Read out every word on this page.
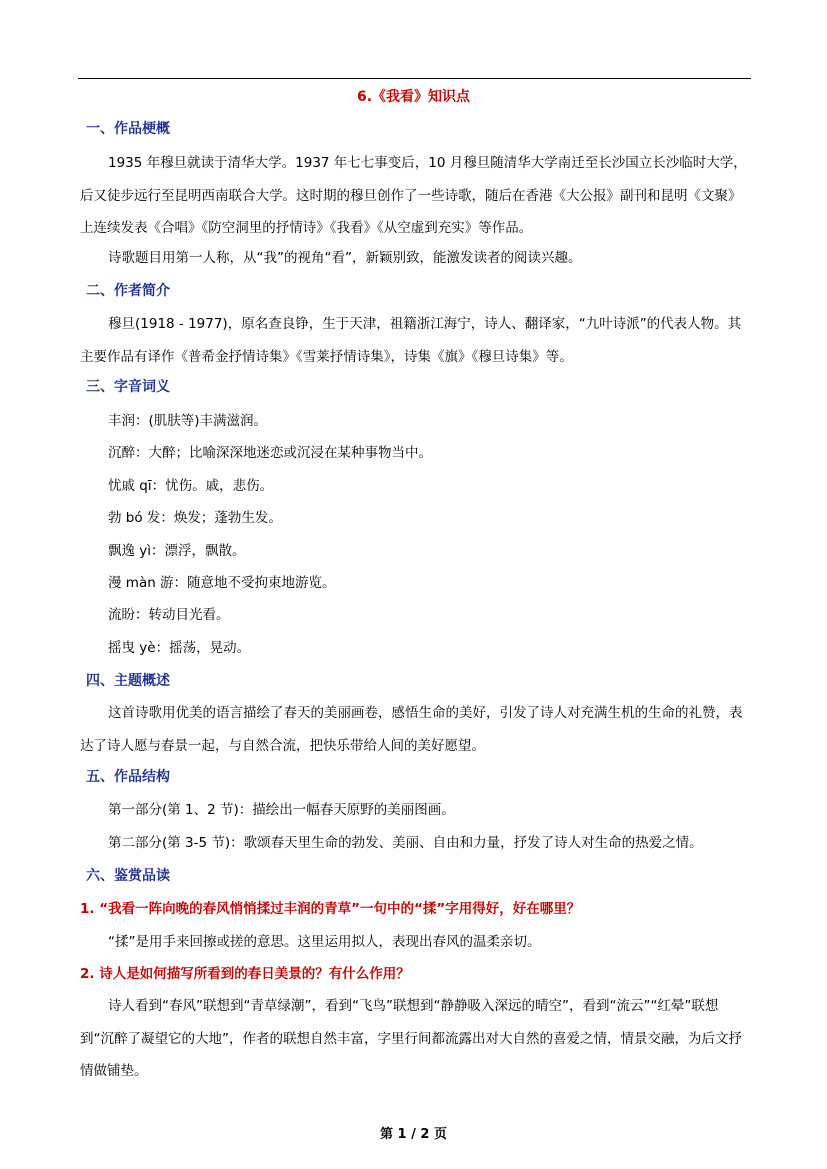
6.《我看》知识点
一、作品梗概
1935 年穆旦就读于清华大学。1937 年七七事变后，10 月穆旦随清华大学南迁至长沙国立长沙临时大学，后又徒步远行至昆明西南联合大学。这时期的穆旦创作了一些诗歌，随后在香港《大公报》副刊和昆明《文聚》上连续发表《合唱》《防空洞里的抒情诗》《我看》《从空虚到充实》等作品。
诗歌题目用第一人称，从“我”的视角“看”，新颖别致，能激发读者的阅读兴趣。
二、作者简介
穆旦(1918 - 1977)，原名查良铮，生于天津，祖籍浙江海宁，诗人、翻译家，“九叶诗派”的代表人物。其主要作品有译作《普希金抒情诗集》《雪莱抒情诗集》，诗集《旗》《穆旦诗集》等。
三、字音词义
丰润：(肌肤等)丰满滋润。
沉醉：大醉；比喻深深地迷恋或沉浸在某种事物当中。
忧戚 qī：忧伤。戚，悲伤。
勃 bó 发：焕发；蓬勃生发。
飘逸 yì：漂浮，飘散。
漫 màn 游：随意地不受拘束地游览。
流盼：转动目光看。
摇曳 yè：摇荡，晃动。
四、主题概述
这首诗歌用优美的语言描绘了春天的美丽画卷，感悟生命的美好，引发了诗人对充满生机的生命的礼赞，表达了诗人愿与春景一起，与自然合流，把快乐带给人间的美好愿望。
五、作品结构
第一部分(第 1、2 节)：描绘出一幅春天原野的美丽图画。
第二部分(第 3-5 节)：歌颂春天里生命的勃发、美丽、自由和力量，抒发了诗人对生命的热爱之情。
六、鉴赏品读
1. “我看一阵向晚的春风悄悄揉过丰润的青草”一句中的“揉”字用得好，好在哪里？
“揉”是用手来回擦或搓的意思。这里运用拟人，表现出春风的温柔亲切。
2. 诗人是如何描写所看到的春日美景的？有什么作用？
诗人看到“春风”联想到“青草绿潮”，看到“飞鸟”联想到“静静吸入深远的晴空”，看到“流云”“红晕”联想到“沉醉了凝望它的大地”，作者的联想自然丰富，字里行间都流露出对大自然的喜爱之情，情景交融，为后文抒情做铺垫。
第 1 / 2 页
